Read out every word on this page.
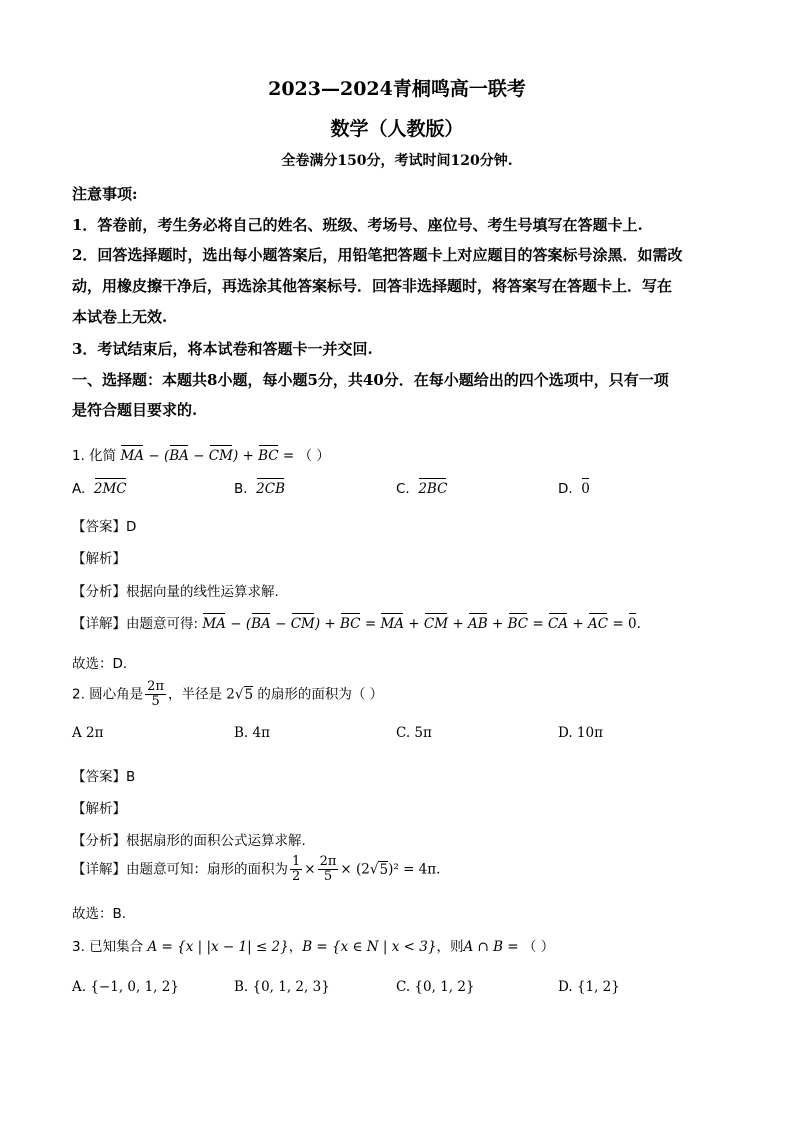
2023—2024青桐鸣高一联考
数学（人教版）
全卷满分150分，考试时间120分钟.
注意事项:
1．答卷前，考生务必将自己的姓名、班级、考场号、座位号、考生号填写在答题卡上.
2．回答选择题时，选出每小题答案后，用铅笔把答题卡上对应题目的答案标号涂黑．如需改
动，用橡皮擦干净后，再选涂其他答案标号．回答非选择题时，将答案写在答题卡上．写在
本试卷上无效.
3．考试结束后，将本试卷和答题卡一并交回.
一、选择题：本题共8小题，每小题5分，共40分．在每小题给出的四个选项中，只有一项
是符合题目要求的.
1. 化简 MA − (BA − CM) + BC = （ ）
A. 2MC	B. 2CB	C. 2BC	D. 0
【答案】D
【解析】
【分析】根据向量的线性运算求解.
【详解】由题意可得: MA − (BA − CM) + BC = MA + CM + AB + BC = CA + AC = 0.
故选：D.
2. 圆心角是 $\frac{2\pi}{5}$ ，半径是 2√5 的扇形的面积为（ ）
A 2π	B. 4π	C. 5π	D. 10π
【答案】B
【解析】
【分析】根据扇形的面积公式运算求解.
【详解】由题意可知：扇形的面积为 $\frac{1}{2} \times \frac{2\pi}{5} \times (2√5)^2 = 4\pi$.
故选：B.
3. 已知集合 A = {x | |x − 1| ≤ 2}，B = {x ∈ N | x < 3}，则A ∩ B = （ ）
A. {−1, 0, 1, 2}	B. {0, 1, 2, 3}	C. {0, 1, 2}	D. {1, 2}
